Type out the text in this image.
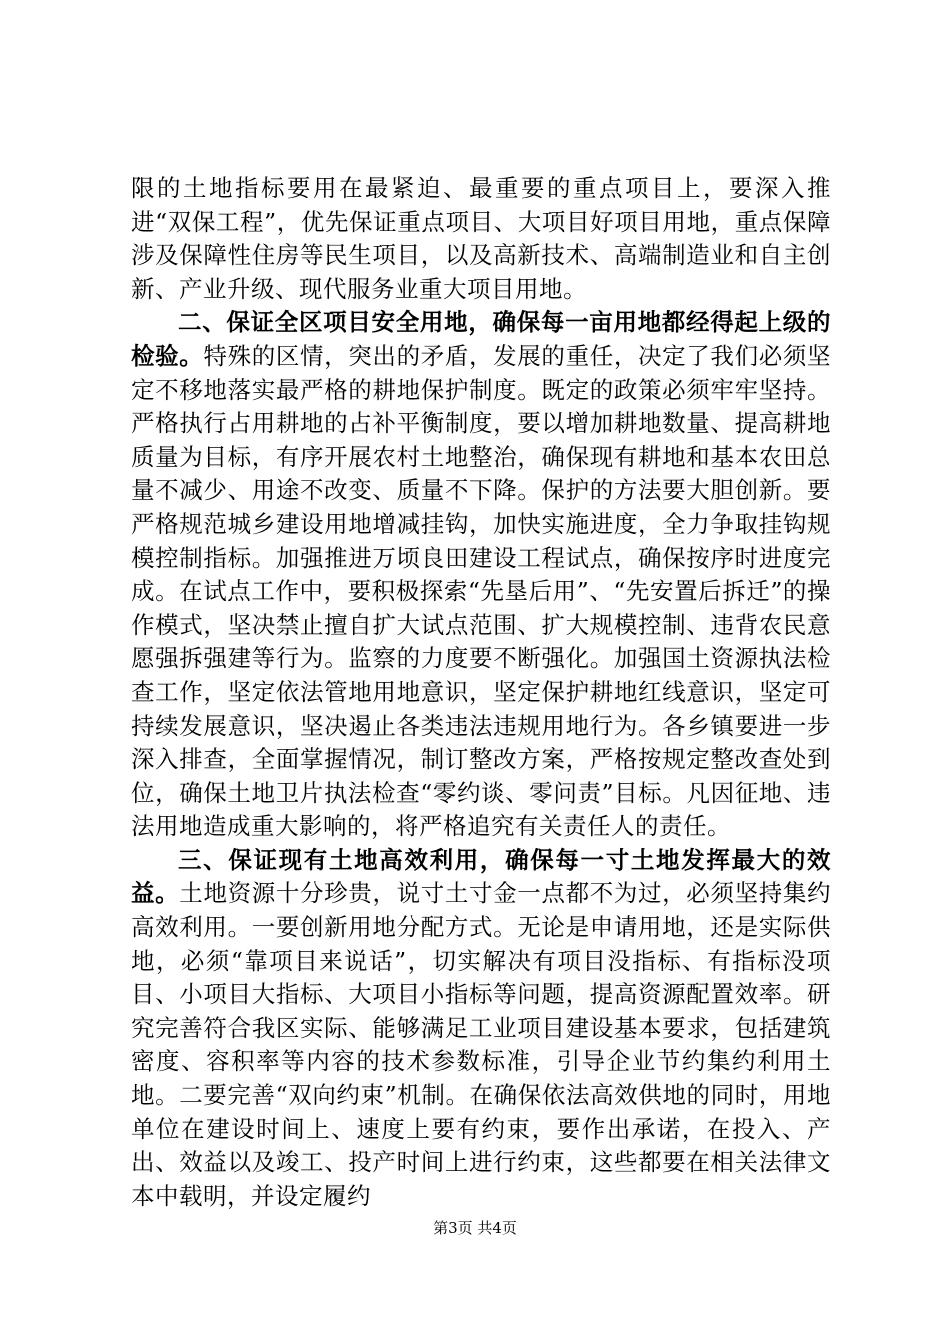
限的土地指标要用在最紧迫、最重要的重点项目上，要深入推进“双保工程”，优先保证重点项目、大项目好项目用地，重点保障涉及保障性住房等民生项目，以及高新技术、高端制造业和自主创新、产业升级、现代服务业重大项目用地。

二、保证全区项目安全用地，确保每一亩用地都经得起上级的检验。特殊的区情，突出的矛盾，发展的重任，决定了我们必须坚定不移地落实最严格的耕地保护制度。既定的政策必须牢牢坚持。严格执行占用耕地的占补平衡制度，要以增加耕地数量、提高耕地质量为目标，有序开展农村土地整治，确保现有耕地和基本农田总量不减少、用途不改变、质量不下降。保护的方法要大胆创新。要严格规范城乡建设用地增减挂钩，加快实施进度，全力争取挂钩规模控制指标。加强推进万顷良田建设工程试点，确保按序时进度完成。在试点工作中，要积极探索“先垦后用”、“先安置后拆迁”的操作模式，坚决禁止擅自扩大试点范围、扩大规模控制、违背农民意愿强拆强建等行为。监察的力度要不断强化。加强国土资源执法检查工作，坚定依法管地用地意识，坚定保护耕地红线意识，坚定可持续发展意识，坚决遏止各类违法违规用地行为。各乡镇要进一步深入排查，全面掌握情况，制订整改方案，严格按规定整改查处到位，确保土地卫片执法检查“零约谈、零问责”目标。凡因征地、违法用地造成重大影响的，将严格追究有关责任人的责任。

三、保证现有土地高效利用，确保每一寸土地发挥最大的效益。土地资源十分珍贵，说寸土寸金一点都不为过，必须坚持集约高效利用。一要创新用地分配方式。无论是申请用地，还是实际供地，必须“靠项目来说话”，切实解决有项目没指标、有指标没项目、小项目大指标、大项目小指标等问题，提高资源配置效率。研究完善符合我区实际、能够满足工业项目建设基本要求，包括建筑密度、容积率等内容的技术参数标准，引导企业节约集约利用土地。二要完善“双向约束”机制。在确保依法高效供地的同时，用地单位在建设时间上、速度上要有约束，要作出承诺，在投入、产出、效益以及竣工、投产时间上进行约束，这些都要在相关法律文本中载明，并设定履约

第3页 共4页
